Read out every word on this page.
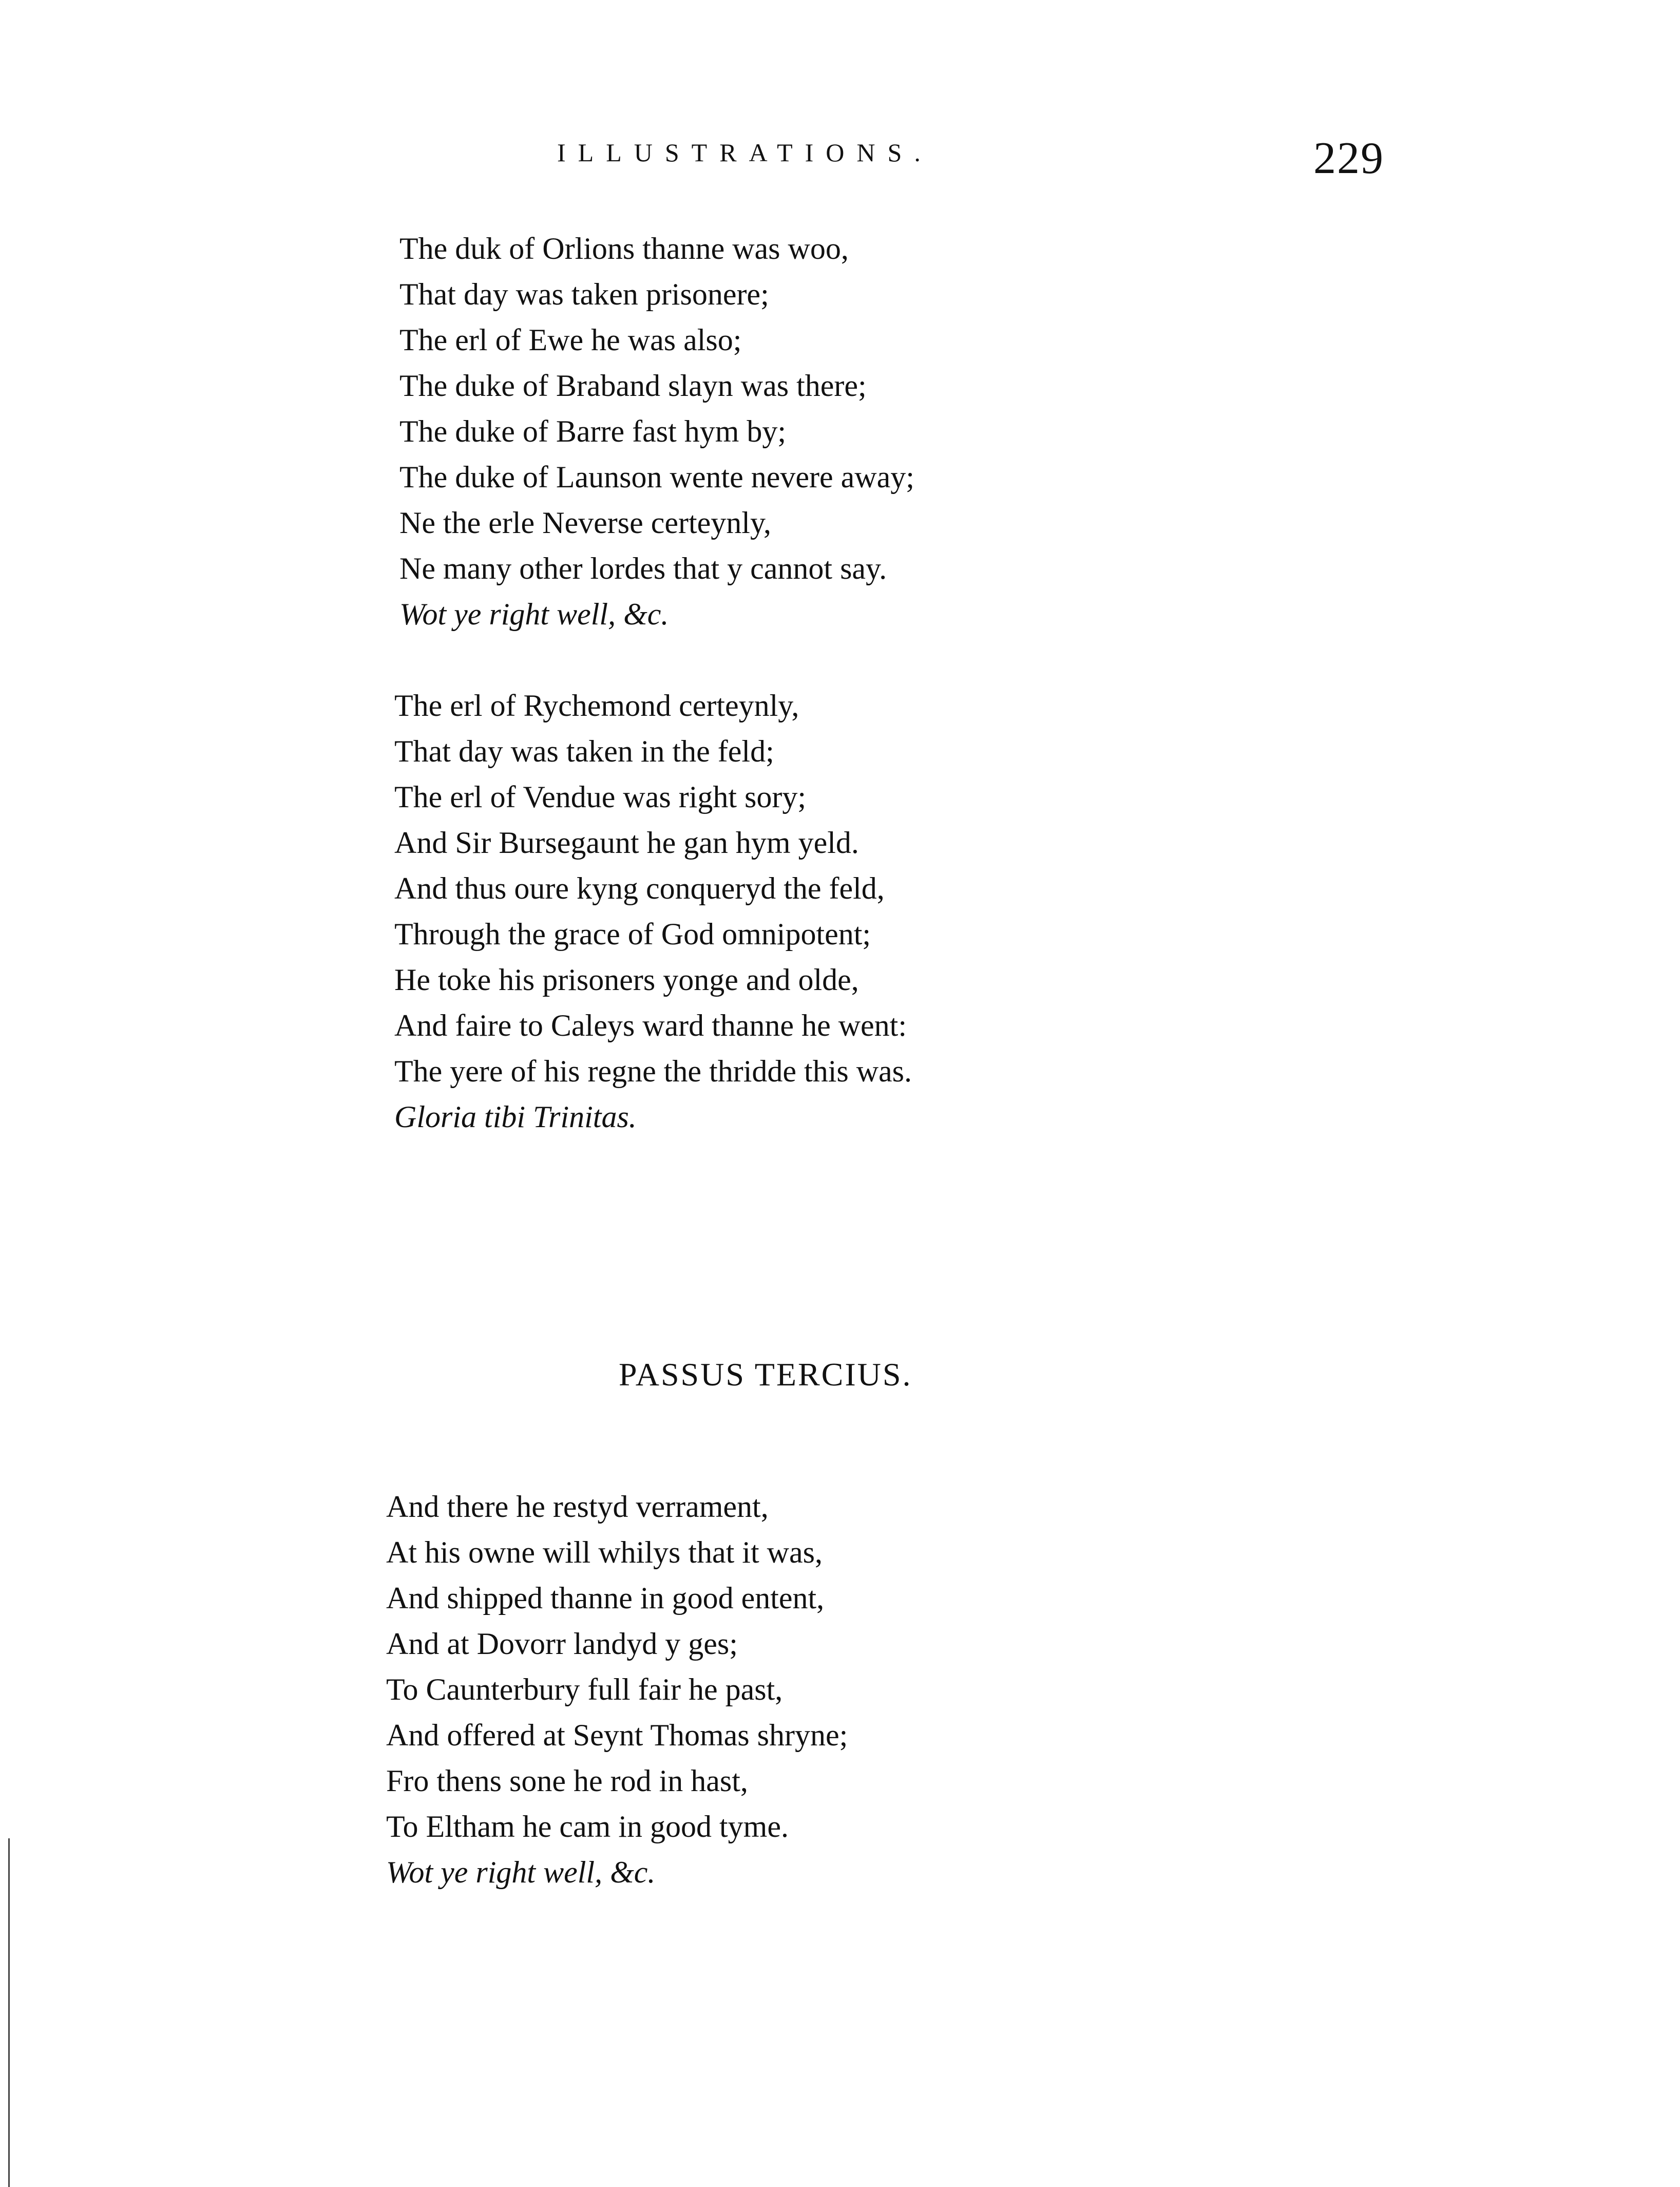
ILLUSTRATIONS.	229
The duk of Orlions thanne was woo,
That day was taken prisonere;
The erl of Ewe he was also;
The duke of Braband slayn was there;
The duke of Barre fast hym by;
The duke of Launson wente nevere away;
Ne the erle Neverse certeynly,
Ne many other lordes that y cannot say.
Wot ye right well, &c.
The erl of Rychemond certeynly,
That day was taken in the feld;
The erl of Vendue was right sory;
And Sir Bursegaunt he gan hym yeld.
And thus oure kyng conqueryd the feld,
Through the grace of God omnipotent;
He toke his prisoners yonge and olde,
And faire to Caleys ward thanne he went:
The yere of his regne the thridde this was.
Gloria tibi Trinitas.
PASSUS TERCIUS.
And there he restyd verrament,
At his owne will whilys that it was,
And shipped thanne in good entent,
And at Dovorr landyd y ges;
To Caunterbury full fair he past,
And offered at Seynt Thomas shryne;
Fro thens sone he rod in hast,
To Eltham he cam in good tyme.
Wot ye right well, &c.
